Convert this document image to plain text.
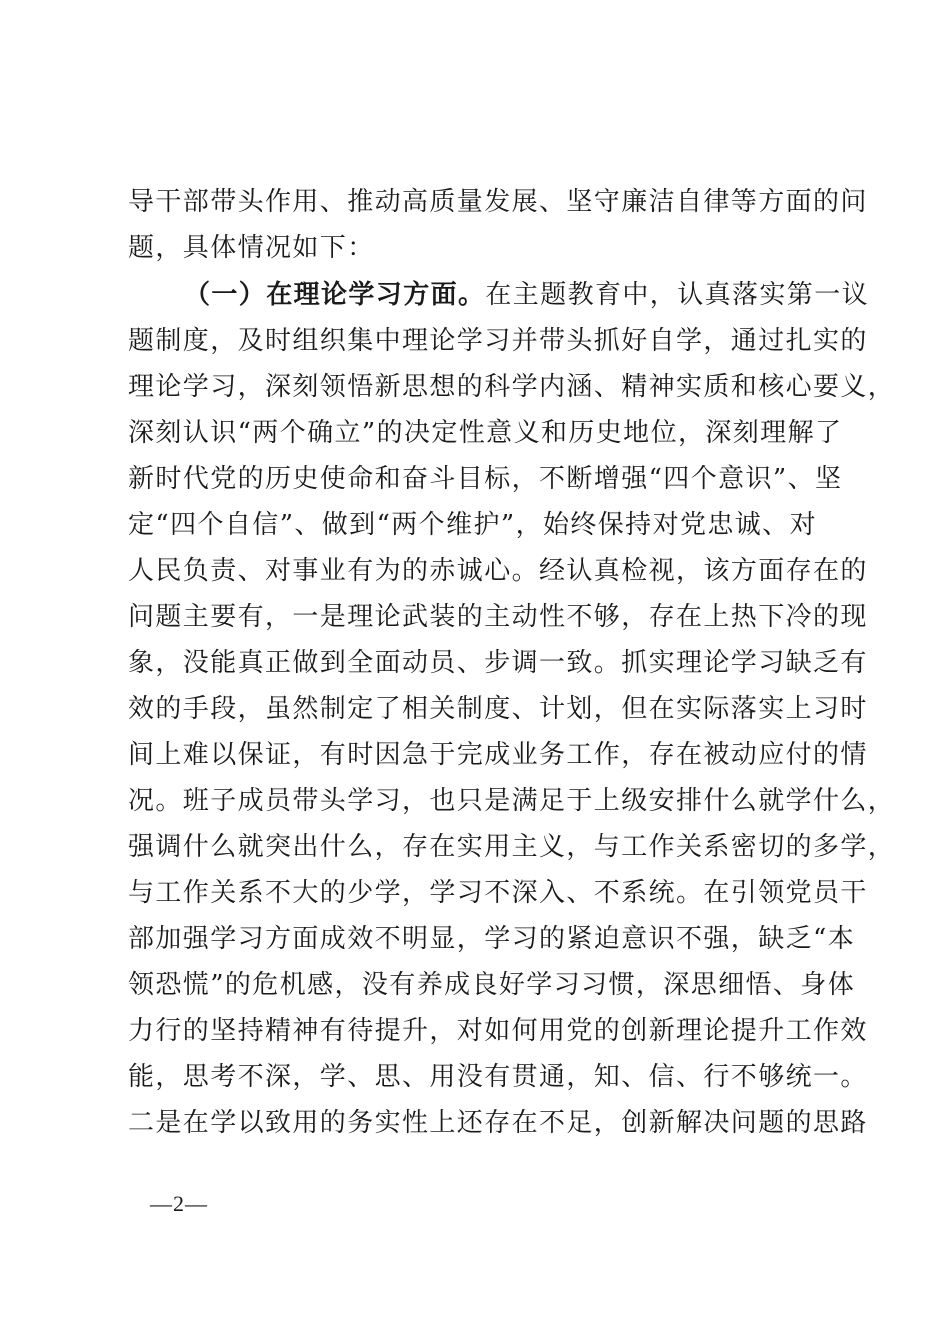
导干部带头作用、推动高质量发展、坚守廉洁自律等方面的问
题，具体情况如下：
（一）在理论学习方面。在主题教育中，认真落实第一议
题制度，及时组织集中理论学习并带头抓好自学，通过扎实的
理论学习，深刻领悟新思想的科学内涵、精神实质和核心要义，
深刻认识“两个确立”的决定性意义和历史地位，深刻理解了
新时代党的历史使命和奋斗目标，不断增强“四个意识”、坚
定“四个自信”、做到“两个维护”，始终保持对党忠诚、对
人民负责、对事业有为的赤诚心。经认真检视，该方面存在的
问题主要有，一是理论武装的主动性不够，存在上热下冷的现
象，没能真正做到全面动员、步调一致。抓实理论学习缺乏有
效的手段，虽然制定了相关制度、计划，但在实际落实上习时
间上难以保证，有时因急于完成业务工作，存在被动应付的情
况。班子成员带头学习，也只是满足于上级安排什么就学什么，
强调什么就突出什么，存在实用主义，与工作关系密切的多学，
与工作关系不大的少学，学习不深入、不系统。在引领党员干
部加强学习方面成效不明显，学习的紧迫意识不强，缺乏“本
领恐慌”的危机感，没有养成良好学习习惯，深思细悟、身体
力行的坚持精神有待提升，对如何用党的创新理论提升工作效
能，思考不深，学、思、用没有贯通，知、信、行不够统一。
二是在学以致用的务实性上还存在不足，创新解决问题的思路
—2—
